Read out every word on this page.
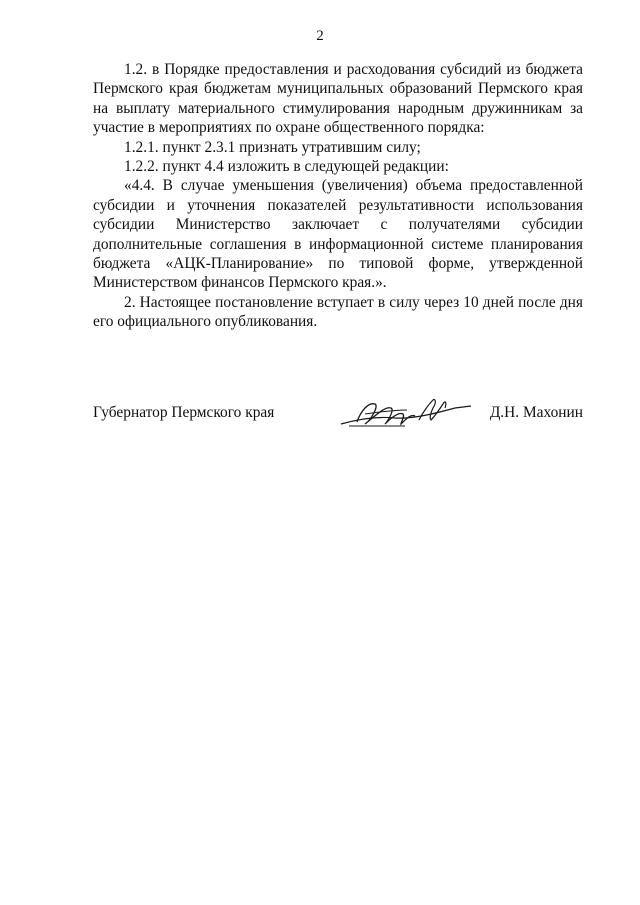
2

1.2. в Порядке предоставления и расходования субсидий из бюджета Пермского края бюджетам муниципальных образований Пермского края на выплату материального стимулирования народным дружинникам за участие в мероприятиях по охране общественного порядка:

1.2.1. пункт 2.3.1 признать утратившим силу;

1.2.2. пункт 4.4 изложить в следующей редакции:

«4.4. В случае уменьшения (увеличения) объема предоставленной субсидии и уточнения показателей результативности использования субсидии Министерство заключает с получателями субсидии дополнительные соглашения в информационной системе планирования бюджета «АЦК-Планирование» по типовой форме, утвержденной Министерством финансов Пермского края.».

2. Настоящее постановление вступает в силу через 10 дней после дня его официального опубликования.

Губернатор Пермского края	Д.Н. Махонин
